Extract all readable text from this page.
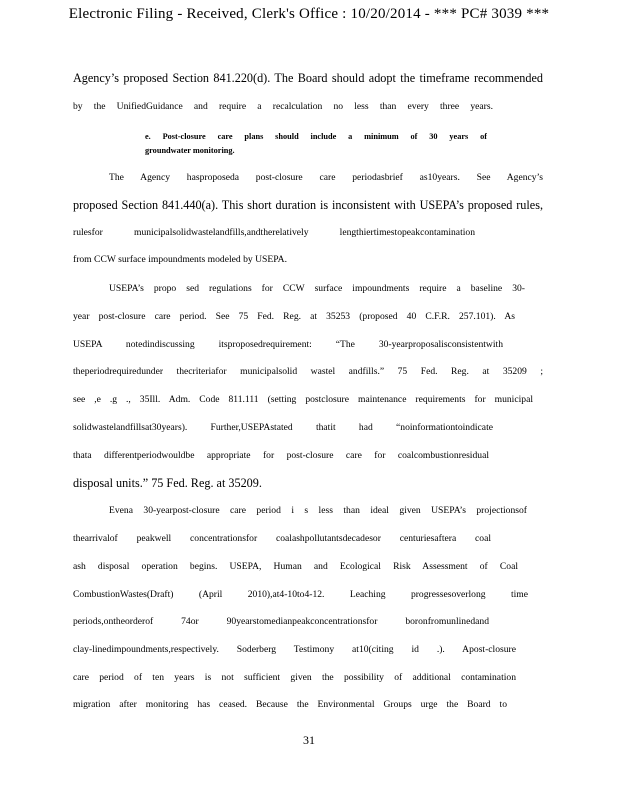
Electronic Filing - Received, Clerk's Office : 10/20/2014 - *** PC# 3039 ***
Agency’s proposed Section 841.220(d). The Board should adopt the timeframe recommended
by the UnifiedGuidance and require a recalculation no less than every three years.
e. Post-closure care plans should include a minimum of 30 years of
groundwater monitoring.
The Agency hasproposeda post-closure care periodasbrief as10years. See Agency’s
proposed Section 841.440(a). This short duration is inconsistent with USEPA’s proposed rules,
rulesfor municipalsolidwastelandfills,andtherelatively lengthiertimestopeakcontamination
from CCW surface impoundments modeled by USEPA.
USEPA’s propo sed regulations for CCW surface impoundments require a baseline 30-
year post-closure care period. See 75 Fed. Reg. at 35253 (proposed 40 C.F.R. 257.101). As
USEPA notedindiscussing itsproposedrequirement: “The 30-yearproposalisconsistentwith
theperiodrequiredunder thecriteriafor municipalsolid wastel andfills.” 75 Fed. Reg. at 35209 ;
see ,e .g ., 35Ill. Adm. Code 811.111 (setting postclosure maintenance requirements for municipal
solidwastelandfillsat30years). Further,USEPAstated thatit had “noinformationtoindicate
thata differentperiodwouldbe appropriate for post-closure care for coalcombustionresidual
disposal units.” 75 Fed. Reg. at 35209.
Evena 30-yearpost-closure care period i s less than ideal given USEPA’s projectionsof
thearrivalof peakwell concentrationsfor coalashpollutantsdecadesor centuriesaftera coal
ash disposal operation begins. USEPA, Human and Ecological Risk Assessment of Coal
CombustionWastes(Draft) (April 2010),at4-10to4-12. Leaching progressesoverlong time
periods,ontheorderof 74or 90yearstomedianpeakconcentrationsfor boronfromunlinedand
clay-linedimpoundments,respectively. Soderberg Testimony at10(citing id .). Apost-closure
care period of ten years is not sufficient given the possibility of additional contamination
migration after monitoring has ceased. Because the Environmental Groups urge the Board to
31
